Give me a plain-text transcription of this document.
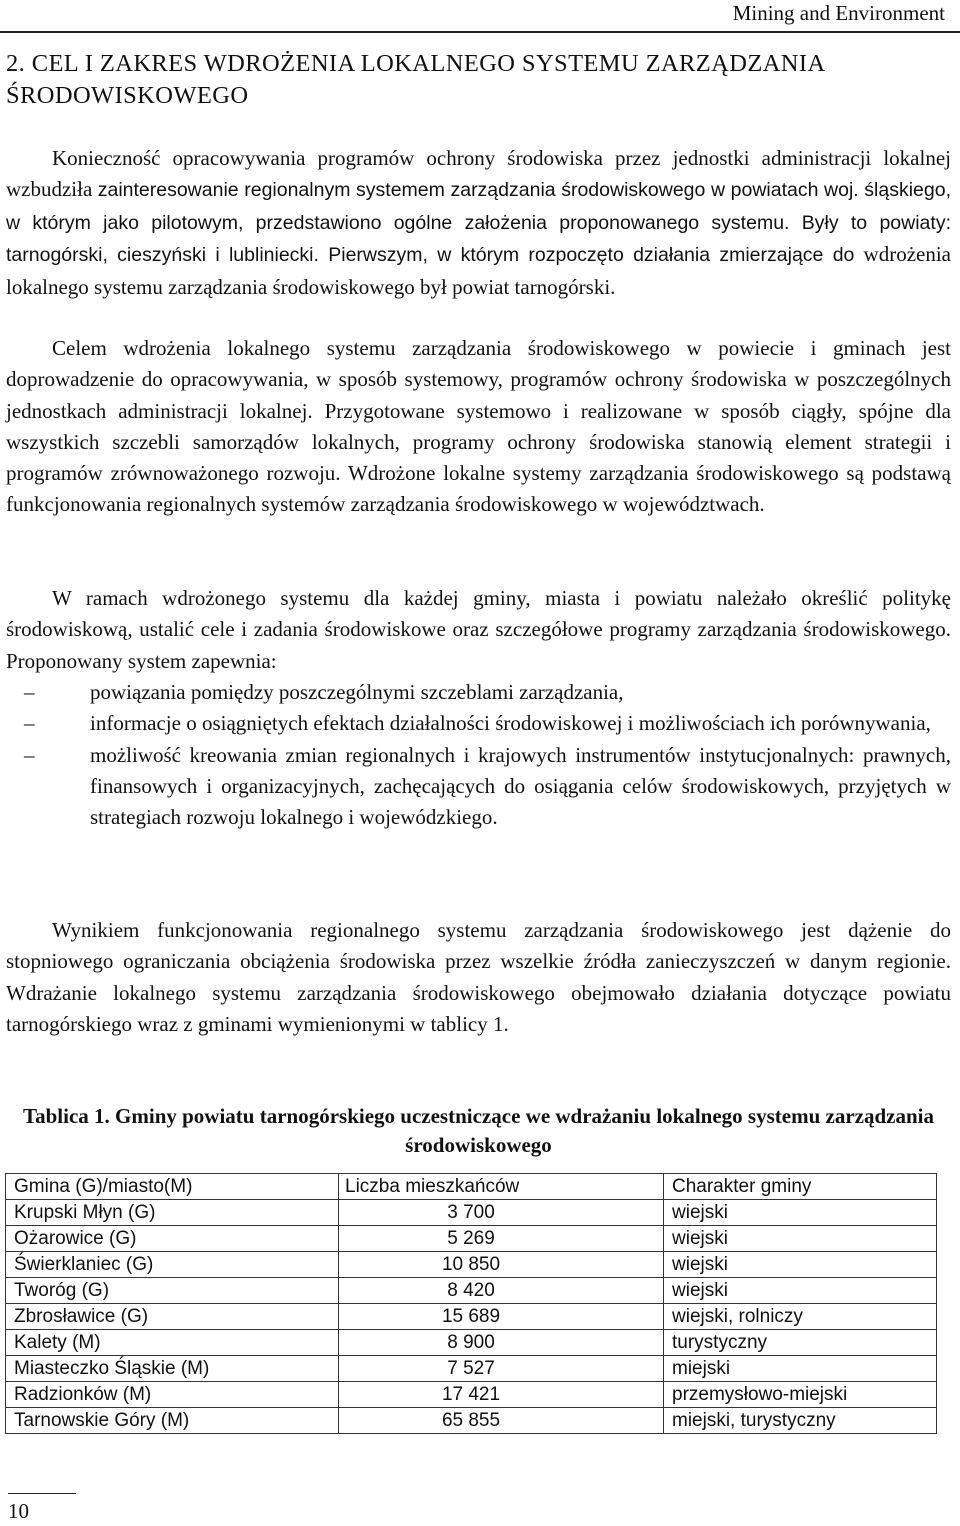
Mining and Environment
2. CEL I ZAKRES WDROŻENIA LOKALNEGO SYSTEMU ZARZĄDZANIA ŚRODOWISKOWEGO

Konieczność opracowywania programów ochrony środowiska przez jednostki administracji lokalnej wzbudziła zainteresowanie regionalnym systemem zarządzania środowiskowego w powiatach woj. śląskiego, w którym jako pilotowym, przedstawiono ogólne założenia proponowanego systemu. Były to powiaty: tarnogórski, cieszyński i lubliniecki. Pierwszym, w którym rozpoczęto działania zmierzające do wdrożenia lokalnego systemu zarządzania środowiskowego był powiat tarnogórski.

Celem wdrożenia lokalnego systemu zarządzania środowiskowego w powiecie i gminach jest doprowadzenie do opracowywania, w sposób systemowy, programów ochrony środowiska w poszczególnych jednostkach administracji lokalnej. Przygotowane systemowo i realizowane w sposób ciągły, spójne dla wszystkich szczebli samorządów lokalnych, programy ochrony środowiska stanowią element strategii i programów zrównoważonego rozwoju. Wdrożone lokalne systemy zarządzania środowiskowego są podstawą funkcjonowania regionalnych systemów zarządzania środowiskowego w województwach.

W ramach wdrożonego systemu dla każdej gminy, miasta i powiatu należało określić politykę środowiskową, ustalić cele i zadania środowiskowe oraz szczegółowe programy zarządzania środowiskowego. Proponowany system zapewnia:

–	powiązania pomiędzy poszczególnymi szczeblami zarządzania,
–	informacje o osiągniętych efektach działalności środowiskowej i możliwościach ich porównywania,
–	możliwość kreowania zmian regionalnych i krajowych instrumentów instytucjonalnych: prawnych, finansowych i organizacyjnych, zachęcających do osiągania celów środowiskowych, przyjętych w strategiach rozwoju lokalnego i wojewódzkiego.

Wynikiem funkcjonowania regionalnego systemu zarządzania środowiskowego jest dążenie do stopniowego ograniczania obciążenia środowiska przez wszelkie źródła zanieczyszczeń w danym regionie. Wdrażanie lokalnego systemu zarządzania środowiskowego obejmowało działania dotyczące powiatu tarnogórskiego wraz z gminami wymienionymi w tablicy 1.

Tablica 1. Gminy powiatu tarnogórskiego uczestniczące we wdrażaniu lokalnego systemu zarządzania środowiskowego
Gmina (G)/miasto(M)	Liczba mieszkańców	Charakter gminy
Krupski Młyn (G)	3 700	wiejski
Ożarowice (G)	5 269	wiejski
Świerklaniec (G)	10 850	wiejski
Tworóg (G)	8 420	wiejski
Zbrosławice (G)	15 689	wiejski, rolniczy
Kalety (M)	8 900	turystyczny
Miasteczko Śląskie (M)	7 527	miejski
Radzionków (M)	17 421	przemysłowo-miejski
Tarnowskie Góry (M)	65 855	miejski, turystyczny
10
